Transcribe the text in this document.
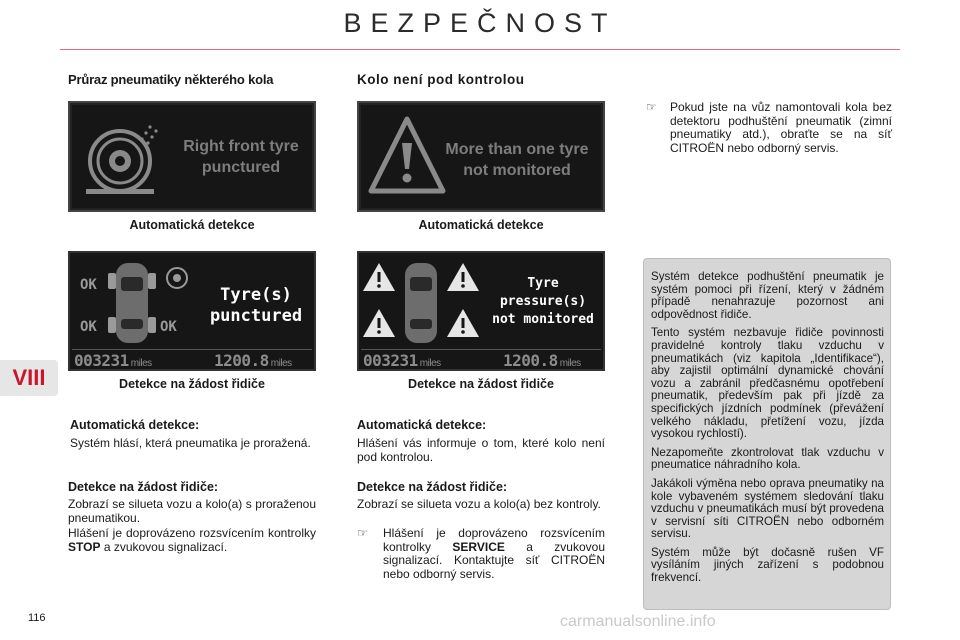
BEZPEČNOST
Průraz pneumatiky některého kola	Kolo není pod kontrolou
Right front tyre
punctured
Automatická detekce
More than one tyre
not monitored
Automatická detekce
OK
OK	OK
Tyre(s)
punctured
003231 miles	1200.8 miles
Detekce na žádost řidiče
Tyre
pressure(s)
not monitored
003231 miles	1200.8 miles
Detekce na žádost řidiče
Automatická detekce:
Systém hlásí, která pneumatika je proražená.
Detekce na žádost řidiče:
Zobrazí se silueta vozu a kolo(a) s proraženou pneumatikou.
Hlášení je doprovázeno rozsvícením kontrolky STOP a zvukovou signalizací.
Automatická detekce:
Hlášení vás informuje o tom, které kolo není pod kontrolou.
Detekce na žádost řidiče:
Zobrazí se silueta vozu a kolo(a) bez kontroly.
☞ Hlášení je doprovázeno rozsvícením kontrolky SERVICE a zvukovou signalizací. Kontaktujte síť CITROËN nebo odborný servis.
☞ Pokud jste na vůz namontovali kola bez detektoru podhuštění pneumatik (zimní pneumatiky atd.), obraťte se na síť CITROËN nebo odborný servis.

Systém detekce podhuštění pneumatik je systém pomoci při řízení, který v žádném případě nenahrazuje pozornost ani odpovědnost řidiče.

Tento systém nezbavuje řidiče povinnosti pravidelné kontroly tlaku vzduchu v pneumatikách (viz kapitola „Identifikace“), aby zajistil optimální dynamické chování vozu a zabránil předčasnému opotřebení pneumatik, především pak při jízdě za specifických jízdních podmínek (převážení velkého nákladu, přetížení vozu, jízda vysokou rychlostí).

Nezapomeňte zkontrolovat tlak vzduchu v pneumatice náhradního kola.

Jakákoli výměna nebo oprava pneumatiky na kole vybaveném systémem sledování tlaku vzduchu v pneumatikách musí být provedena v servisní síti CITROËN nebo odborném servisu.

Systém může být dočasně rušen VF vysíláním jiných zařízení s podobnou frekvencí.

VIII
116	carmanualsonline.info
